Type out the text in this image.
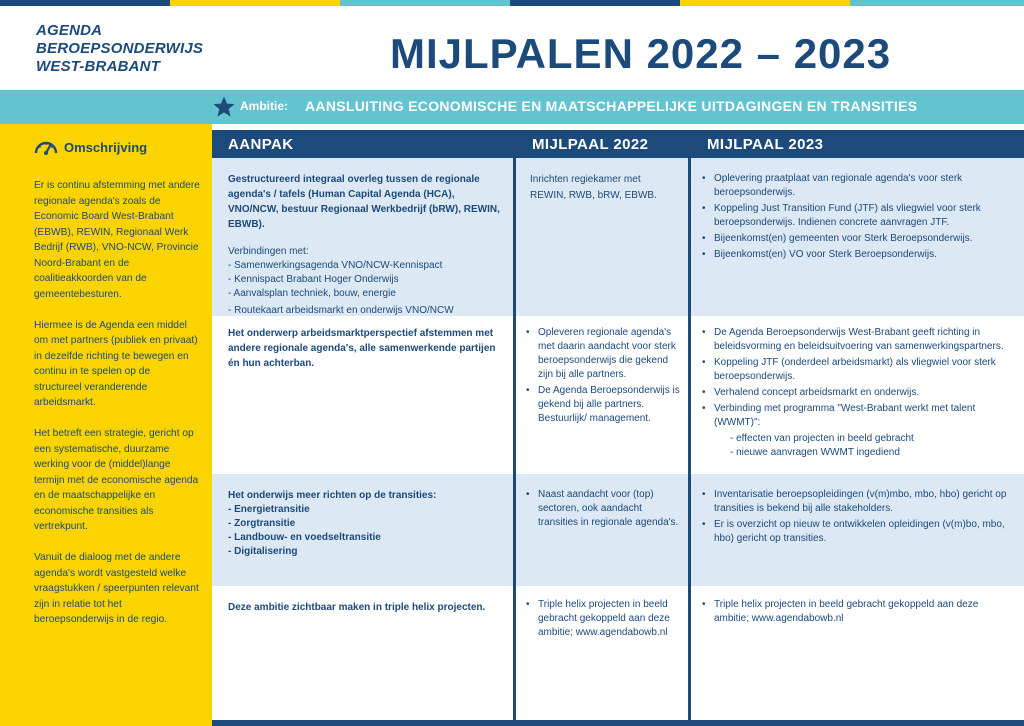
AGENDA
BEROEPSONDERWIJS
WEST-BRABANT	MIJLPALEN 2022 – 2023
Ambitie: AANSLUITING ECONOMISCHE EN MAATSCHAPPELIJKE UITDAGINGEN EN TRANSITIES
Omschrijving

Er is continu afstemming met andere regionale agenda's zoals de Economic Board West-Brabant (EBWB), REWIN, Regionaal Werk Bedrijf (RWB), VNO-NCW, Provincie Noord-Brabant en de coalitieakkoorden van de gemeentebesturen.

Hiermee is de Agenda een middel om met partners (publiek en privaat) in dezelfde richting te bewegen en continu in te spelen op de structureel veranderende arbeidsmarkt.

Het betreft een strategie, gericht op een systematische, duurzame werking voor de (middel)lange termijn met de economische agenda en de maatschappelijke en economische transities als vertrekpunt.

Vanuit de dialoog met de andere agenda's wordt vastgesteld welke vraagstukken / speerpunten relevant zijn in relatie tot het beroepsonderwijs in de regio.

AANPAK	MIJLPAAL 2022	MIJLPAAL 2023
Gestructureerd integraal overleg tussen de regionale agenda's / tafels (Human Capital Agenda (HCA), VNO/NCW, bestuur Regionaal Werkbedrijf (bRW), REWIN, EBWB).
Verbindingen met:
- Samenwerkingsagenda VNO/NCW-Kennispact
- Kennispact Brabant Hoger Onderwijs
- Aanvalsplan techniek, bouw, energie
- Routekaart arbeidsmarkt en onderwijs VNO/NCW
Inrichten regiekamer met REWIN, RWB, bRW, EBWB.
• Oplevering praatplaat van regionale agenda's voor sterk beroepsonderwijs.
• Koppeling Just Transition Fund (JTF) als vliegwiel voor sterk beroepsonderwijs. Indienen concrete aanvragen JTF.
• Bijeenkomst(en) gemeenten voor Sterk Beroepsonderwijs.
• Bijeenkomst(en) VO voor Sterk Beroepsonderwijs.
Het onderwerp arbeidsmarktperspectief afstemmen met andere regionale agenda's, alle samenwerkende partijen én hun achterban.
• Opleveren regionale agenda's met daarin aandacht voor sterk beroepsonderwijs die gekend zijn bij alle partners.
• De Agenda Beroepsonderwijs is gekend bij alle partners. Bestuurlijk/ management.
• De Agenda Beroepsonderwijs West-Brabant geeft richting in beleidsvorming en beleidsuitvoering van samenwerkingspartners.
• Koppeling JTF (onderdeel arbeidsmarkt) als vliegwiel voor sterk beroepsonderwijs.
• Verhalend concept arbeidsmarkt en onderwijs.
• Verbinding met programma "West-Brabant werkt met talent (WWMT)":
- effecten van projecten in beeld gebracht
- nieuwe aanvragen WWMT ingediend
Het onderwijs meer richten op de transities:
- Energietransitie
- Zorgtransitie
- Landbouw- en voedseltransitie
- Digitalisering
• Naast aandacht voor (top) sectoren, ook aandacht transities in regionale agenda's.
• Inventarisatie beroepsopleidingen (v(m)mbo, mbo, hbo) gericht op transities is bekend bij alle stakeholders.
• Er is overzicht op nieuw te ontwikkelen opleidingen (v(m)bo, mbo, hbo) gericht op transities.
Deze ambitie zichtbaar maken in triple helix projecten.
•	Triple helix projecten in beeld gebracht gekoppeld aan deze ambitie; www.agendabowb.nl
• Triple helix projecten in beeld gebracht gekoppeld aan deze ambitie; www.agendabowb.nl
